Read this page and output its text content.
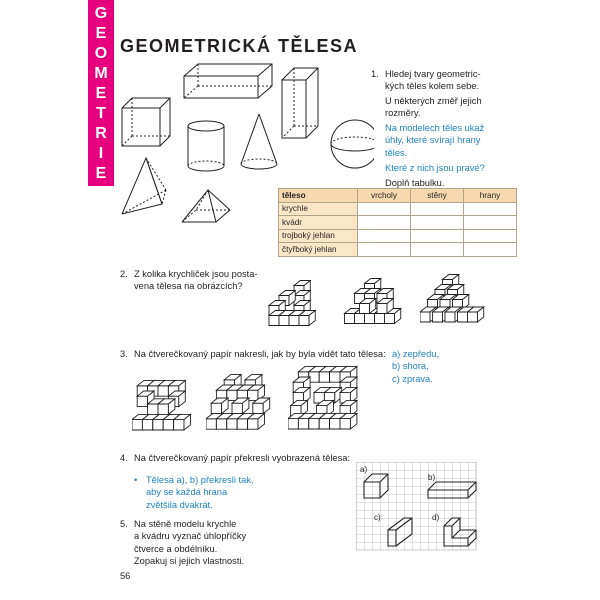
G
E
O
M
E
T
R
I
E
GEOMETRICKÁ TĚLESA
1. Hledej tvary geometric-
kých těles kolem sebe.
U některých změř jejich
rozměry.
Na modelech těles ukaž
úhly, které svírají hrany
těles.
Které z nich jsou pravé?
Doplň tabulku.
těleso	vrcholy	stěny	hrany
krychle			
kvádr			
trojboký jehlan			
čtyřboký jehlan			
2. Z kolika krychliček jsou posta-
vena tělesa na obrázcích?
3. Na čtverečkovaný papír nakresli, jak by byla vidět tato tělesa: a) zepředu,
b) shora,
c) zprava.
4. Na čtverečkovaný papír překresli vyobrazená tělesa:
• Tělesa a), b) překresli tak,
aby se každá hrana
zvětšila dvakrát.
5. Na stěně modelu krychle
a kvádru vyznač úhlopříčky
čtverce a obdélníku.
Zopakuj si jejich vlastnosti.
a)
b)
c)	d)
56
